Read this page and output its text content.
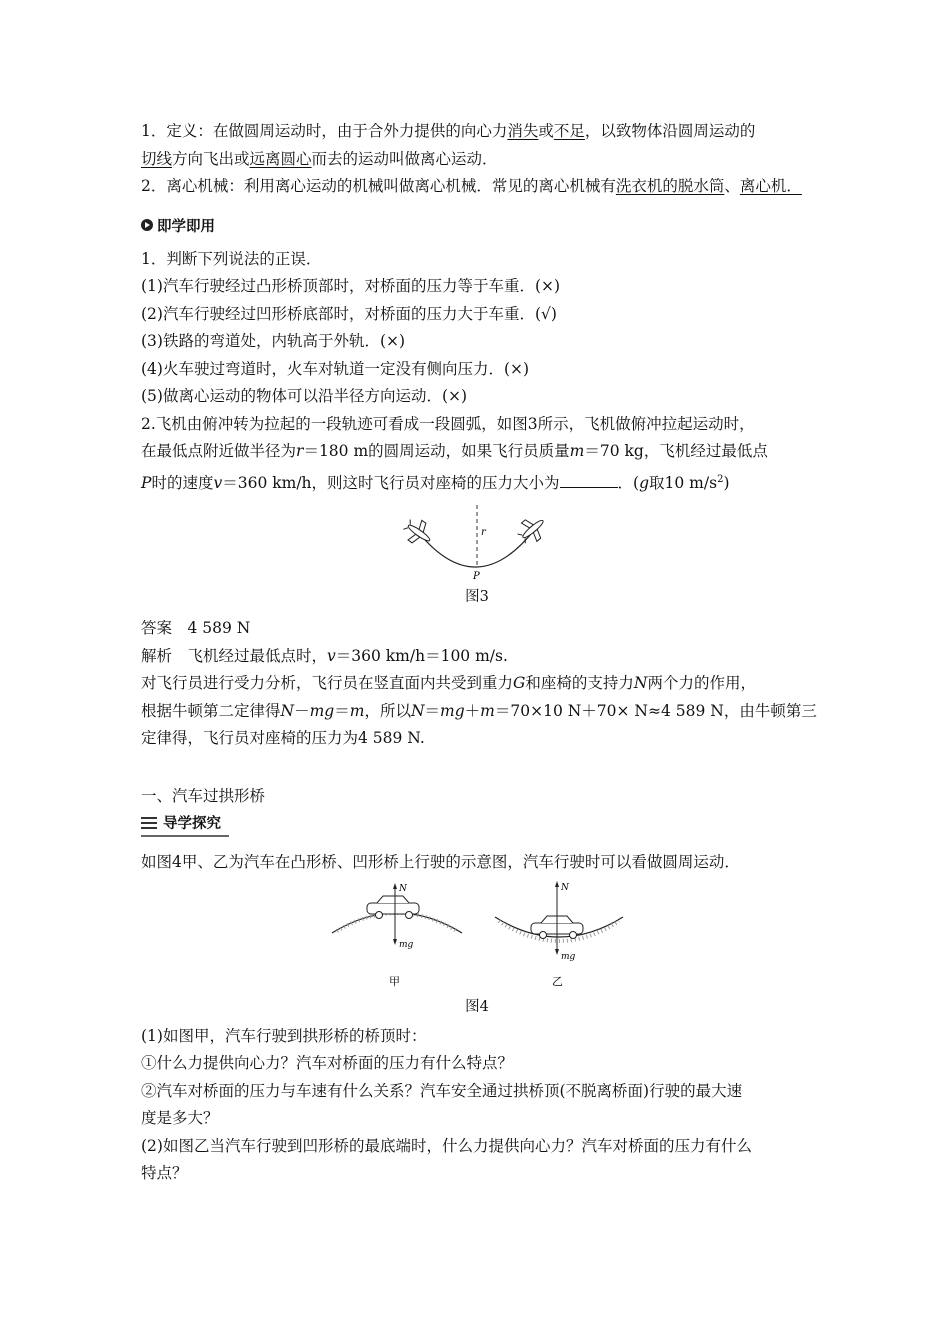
1．定义：在做圆周运动时，由于合外力提供的向心力消失或不足，以致物体沿圆周运动的

切线方向飞出或远离圆心而去的运动叫做离心运动．

2．离心机械：利用离心运动的机械叫做离心机械．常见的离心机械有洗衣机的脱水筒、离心机．

即学即用

1．判断下列说法的正误．

(1)汽车行驶经过凸形桥顶部时，对桥面的压力等于车重．(×)

(2)汽车行驶经过凹形桥底部时，对桥面的压力大于车重．(√)

(3)铁路的弯道处，内轨高于外轨．(×)

(4)火车驶过弯道时，火车对轨道一定没有侧向压力．(×)

(5)做离心运动的物体可以沿半径方向运动．(×)

2.飞机由俯冲转为拉起的一段轨迹可看成一段圆弧，如图3所示，飞机做俯冲拉起运动时，

在最低点附近做半径为r＝180 m的圆周运动，如果飞行员质量m＝70 kg，飞机经过最低点

P时的速度v＝360 km/h，则这时飞行员对座椅的压力大小为	．(g取10 $m/s^2$)

r
P
图3

答案　4 589 N

解析　飞机经过最低点时，v＝360 km/h＝100 m/s.

对飞行员进行受力分析，飞行员在竖直面内共受到重力G和座椅的支持力N两个力的作用，

根据牛顿第二定律得N－mg＝m，所以N＝mg＋m＝70×10 N＋70× N≈4 589 N，由牛顿第三

定律得，飞行员对座椅的压力为4 589 N.

一、汽车过拱形桥

导学探究

如图4甲、乙为汽车在凸形桥、凹形桥上行驶的示意图，汽车行驶时可以看做圆周运动．

N
mg
甲
N
mg
乙
图4

(1)如图甲，汽车行驶到拱形桥的桥顶时：

①什么力提供向心力？汽车对桥面的压力有什么特点？

②汽车对桥面的压力与车速有什么关系？汽车安全通过拱桥顶(不脱离桥面)行驶的最大速

度是多大？

(2)如图乙当汽车行驶到凹形桥的最底端时，什么力提供向心力？汽车对桥面的压力有什么

特点？
